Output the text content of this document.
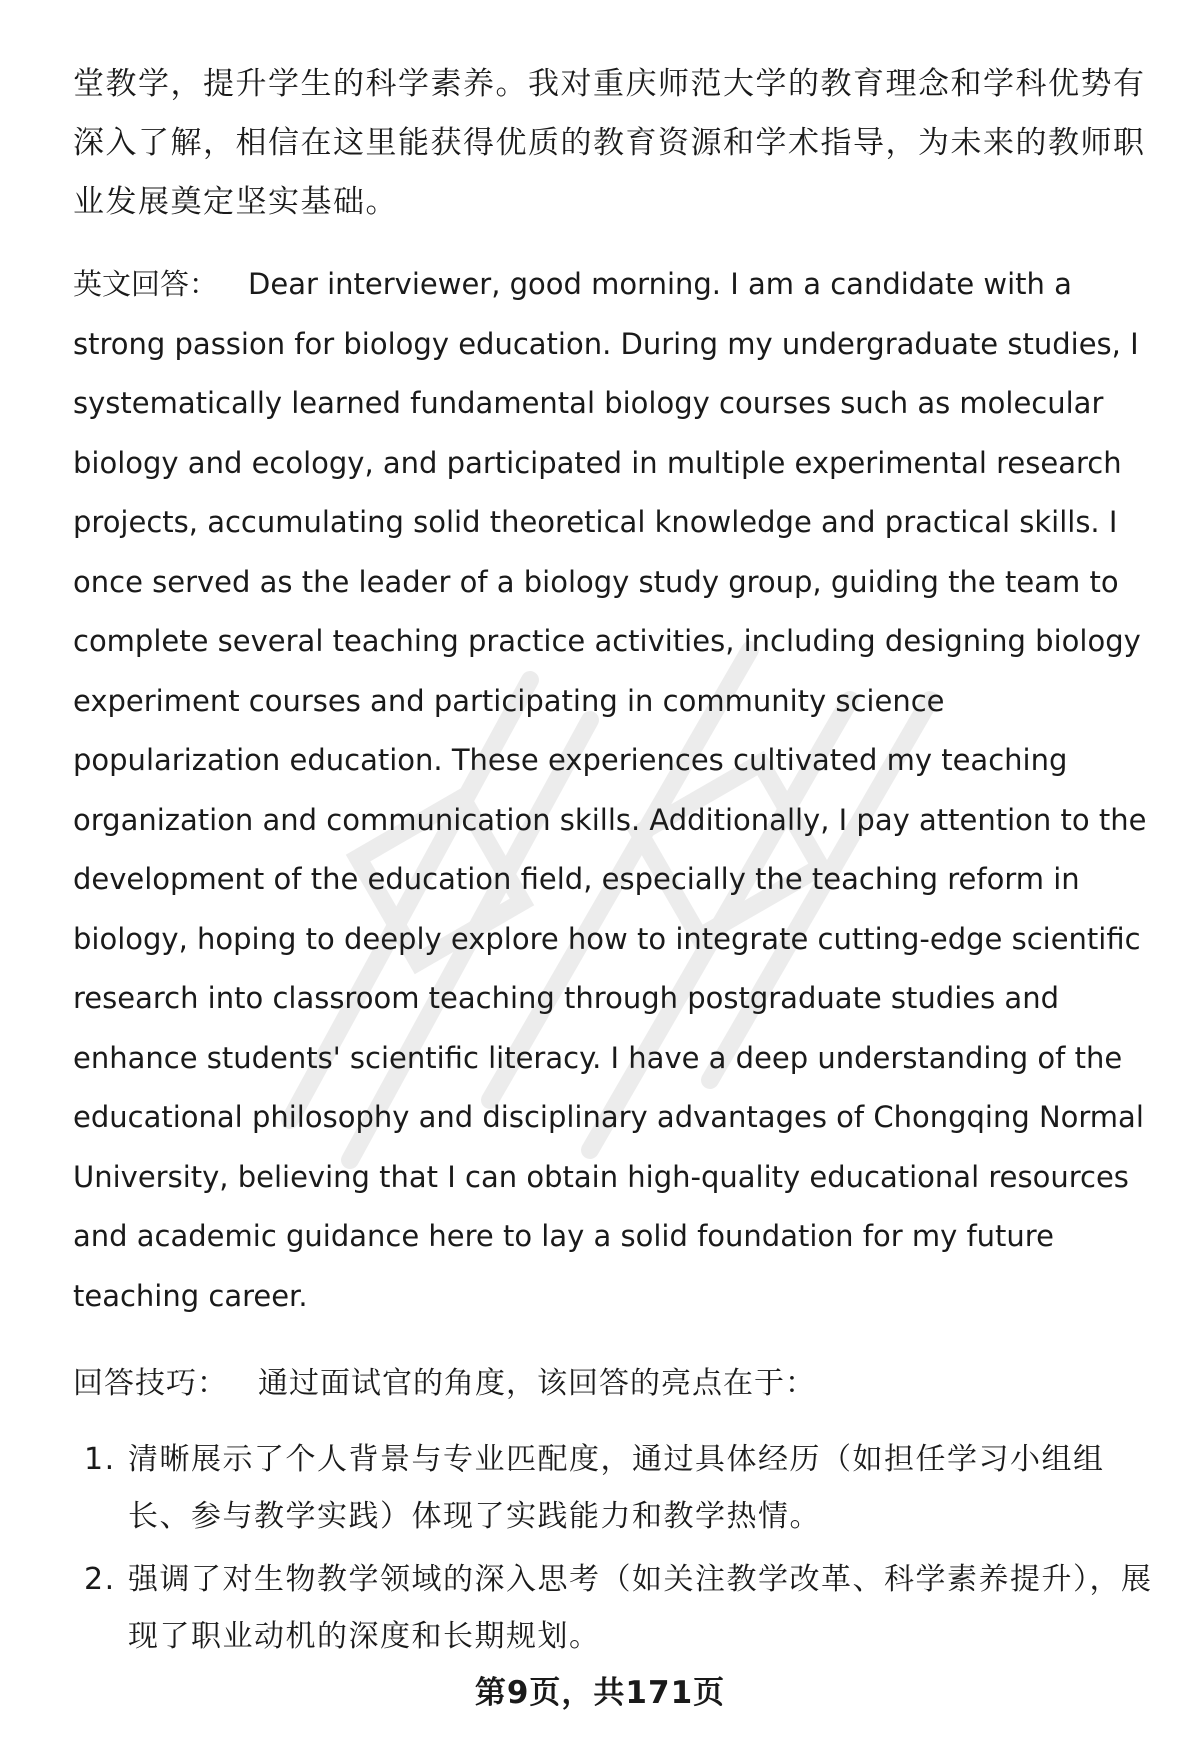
堂教学，提升学生的科学素养。我对重庆师范大学的教育理念和学科优势有深入了解，相信在这里能获得优质的教育资源和学术指导，为未来的教师职业发展奠定坚实基础。

英文回答： Dear interviewer, good morning. I am a candidate with a strong passion for biology education. During my undergraduate studies, I systematically learned fundamental biology courses such as molecular biology and ecology, and participated in multiple experimental research projects, accumulating solid theoretical knowledge and practical skills. I once served as the leader of a biology study group, guiding the team to complete several teaching practice activities, including designing biology experiment courses and participating in community science popularization education. These experiences cultivated my teaching organization and communication skills. Additionally, I pay attention to the development of the education field, especially the teaching reform in biology, hoping to deeply explore how to integrate cutting-edge scientific research into classroom teaching through postgraduate studies and enhance students' scientific literacy. I have a deep understanding of the educational philosophy and disciplinary advantages of Chongqing Normal University, believing that I can obtain high-quality educational resources and academic guidance here to lay a solid foundation for my future teaching career.

回答技巧： 通过面试官的角度，该回答的亮点在于：

1. 清晰展示了个人背景与专业匹配度，通过具体经历（如担任学习小组组长、参与教学实践）体现了实践能力和教学热情。
2. 强调了对生物教学领域的深入思考（如关注教学改革、科学素养提升），展现了职业动机的深度和长期规划。
第9页，共171页
